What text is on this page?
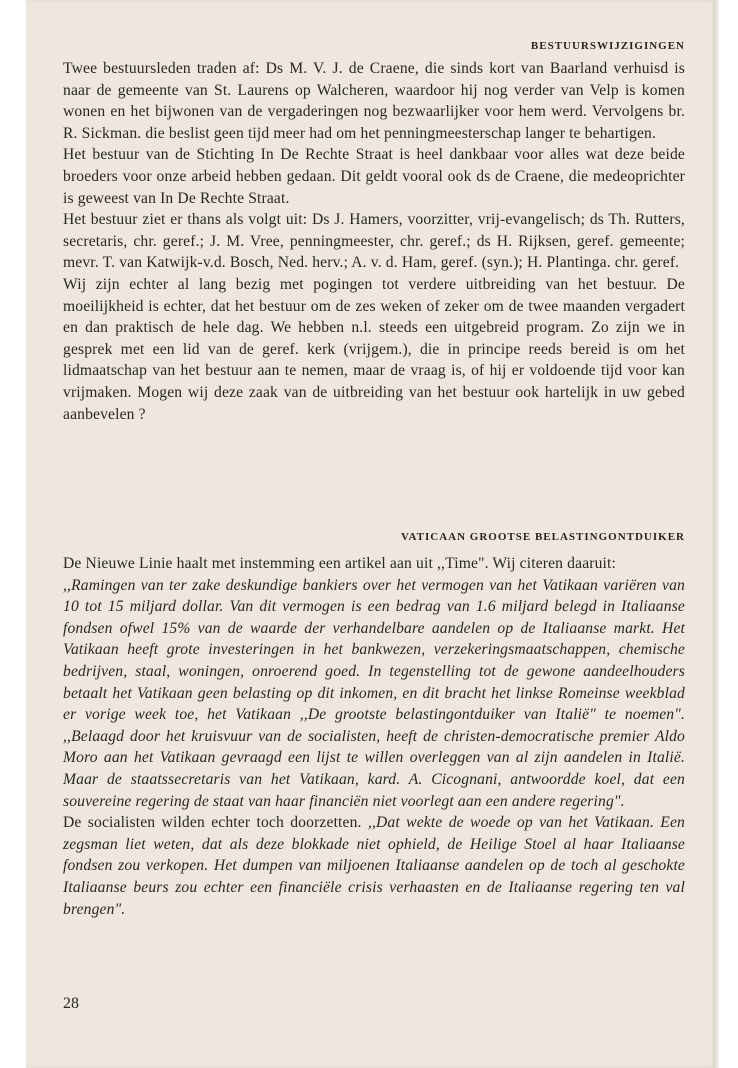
BESTUURSWIJZIGINGEN

Twee bestuursleden traden af: Ds M. V. J. de Craene, die sinds kort van Baarland verhuisd is naar de gemeente van St. Laurens op Walcheren, waardoor hij nog verder van Velp is komen wonen en het bijwonen van de vergaderingen nog bezwaarlijker voor hem werd. Vervolgens br. R. Sickman. die beslist geen tijd meer had om het penningmeesterschap langer te behartigen.

Het bestuur van de Stichting In De Rechte Straat is heel dankbaar voor alles wat deze beide broeders voor onze arbeid hebben gedaan. Dit geldt vooral ook ds de Craene, die medeoprichter is geweest van In De Rechte Straat.

Het bestuur ziet er thans als volgt uit: Ds J. Hamers, voorzitter, vrij-evangelisch; ds Th. Rutters, secretaris, chr. geref.; J. M. Vree, penningmeester, chr. geref.; ds H. Rijksen, geref. gemeente; mevr. T. van Katwijk-v.d. Bosch, Ned. herv.; A. v. d. Ham, geref. (syn.); H. Plantinga. chr. geref.

Wij zijn echter al lang bezig met pogingen tot verdere uitbreiding van het bestuur. De moeilijkheid is echter, dat het bestuur om de zes weken of zeker om de twee maanden vergadert en dan praktisch de hele dag. We hebben n.l. steeds een uitgebreid program. Zo zijn we in gesprek met een lid van de geref. kerk (vrijgem.), die in principe reeds bereid is om het lidmaatschap van het bestuur aan te nemen, maar de vraag is, of hij er voldoende tijd voor kan vrijmaken. Mogen wij deze zaak van de uitbreiding van het bestuur ook hartelijk in uw gebed aanbevelen ?

VATICAAN GROOTSE BELASTINGONTDUIKER

De Nieuwe Linie haalt met instemming een artikel aan uit ,,Time". Wij citeren daaruit:

,,Ramingen van ter zake deskundige bankiers over het vermogen van het Vatikaan variëren van 10 tot 15 miljard dollar. Van dit vermogen is een bedrag van 1.6 miljard belegd in Italiaanse fondsen ofwel 15% van de waarde der verhandelbare aandelen op de Italiaanse markt. Het Vatikaan heeft grote investeringen in het bankwezen, verzekeringsmaatschappen, chemische bedrijven, staal, woningen, onroerend goed. In tegenstelling tot de gewone aandeelhouders betaalt het Vatikaan geen belasting op dit inkomen, en dit bracht het linkse Romeinse weekblad er vorige week toe, het Vatikaan ,,De grootste belastingontduiker van Italië" te noemen". ,,Belaagd door het kruisvuur van de socialisten, heeft de christen-democratische premier Aldo Moro aan het Vatikaan gevraagd een lijst te willen overleggen van al zijn aandelen in Italië. Maar de staatssecretaris van het Vatikaan, kard. A. Cicognani, antwoordde koel, dat een souvereine regering de staat van haar financiën niet voorlegt aan een andere regering".

De socialisten wilden echter toch doorzetten. ,,Dat wekte de woede op van het Vatikaan. Een zegsman liet weten, dat als deze blokkade niet ophield, de Heilige Stoel al haar Italiaanse fondsen zou verkopen. Het dumpen van miljoenen Italiaanse aandelen op de toch al geschokte Italiaanse beurs zou echter een financiële crisis verhaasten en de Italiaanse regering ten val brengen".

28
